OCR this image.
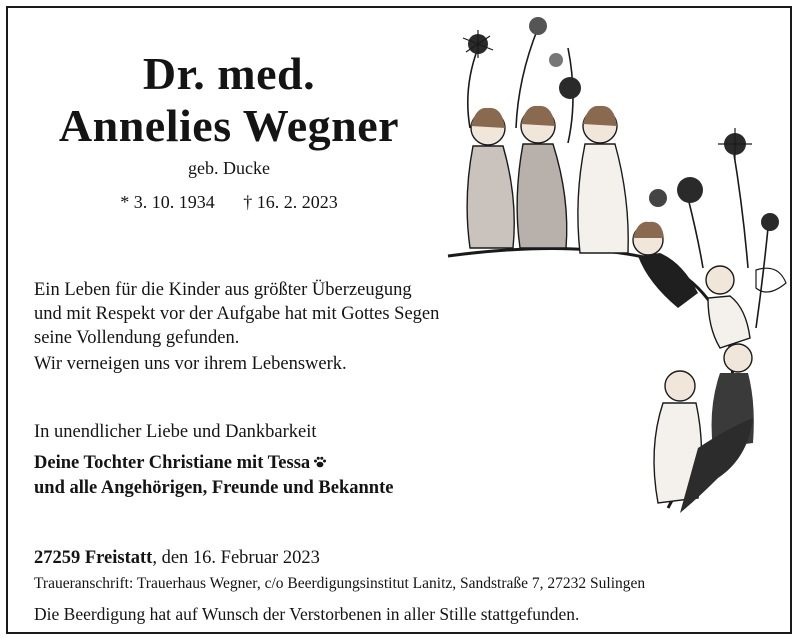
Dr. med.
Annelies Wegner
geb. Ducke
* 3. 10. 1934 † 16. 2. 2023
Ein Leben für die Kinder aus größter Überzeugung
und mit Respekt vor der Aufgabe hat mit Gottes Segen
seine Vollendung gefunden.
Wir verneigen uns vor ihrem Lebenswerk.
In unendlicher Liebe und Dankbarkeit
Deine Tochter Christiane mit Tessa
und alle Angehörigen, Freunde und Bekannte
27259 Freistatt, den 16. Februar 2023
Traueranschrift: Trauerhaus Wegner, c/o Beerdigungsinstitut Lanitz, Sandstraße 7, 27232 Sulingen
Die Beerdigung hat auf Wunsch der Verstorbenen in aller Stille stattgefunden.
